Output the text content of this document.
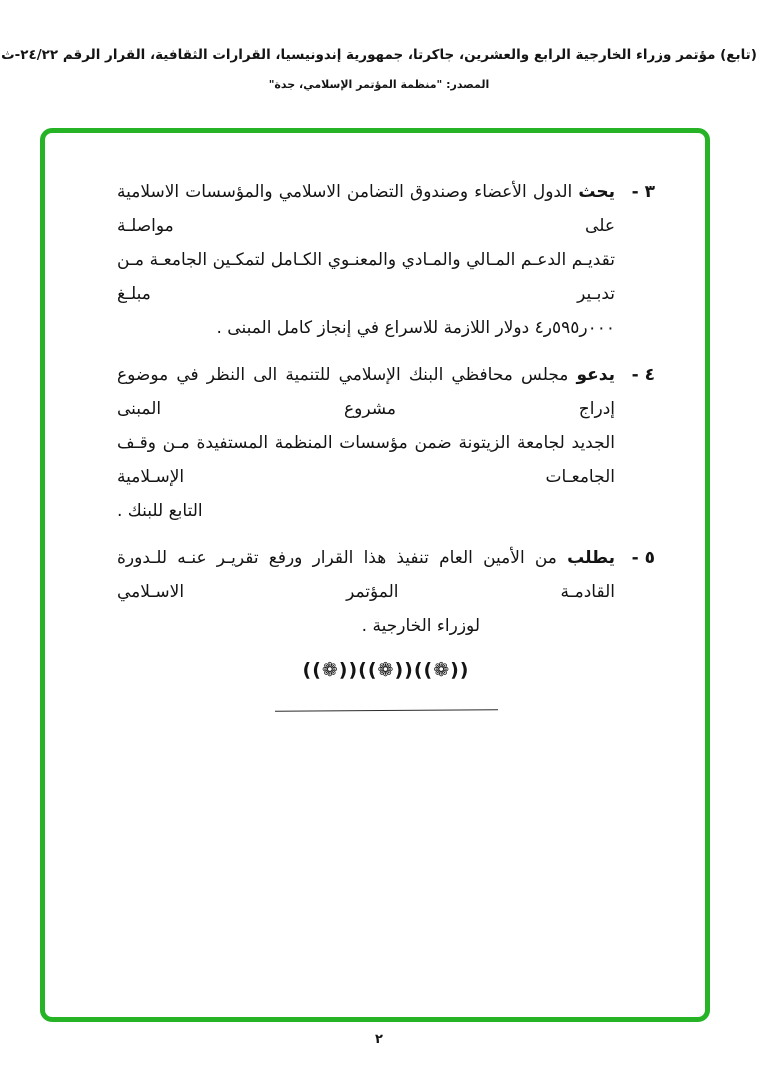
(تابع) مؤتمر وزراء الخارجية الرابع والعشرين، جاكرتا، جمهورية إندونيسيا، القرارات الثقافية، القرار الرقم ٢٤/٢٢-ث
المصدر: "منظمة المؤتمر الإسلامي، جدة"
٣ -
يحث الدول الأعضاء وصندوق التضامن الاسلامي والمؤسسات الاسلامية على مواصلـة
تقديـم الدعـم المـالي والمـادي والمعنـوي الكـامل لتمكـين الجامعـة مـن تدبـير مبلـغ
٠٠٠ر٥٩٥ر٤ دولار اللازمة للاسراع في إنجاز كامل المبنى .
٤ -
يدعو مجلس محافظي البنك الإسلامي للتنمية الى النظر في موضوع إدراج مشروع المبنى
الجديد لجامعة الزيتونة ضمن مؤسسات المنظمة المستفيدة مـن وقـف الجامعـات الإسـلامية
التابع للبنك .
٥ -
يطلب من الأمين العام تنفيذ هذا القرار ورفع تقريـر عنـه للـدورة القادمـة المؤتمر الاسـلامي
لوزراء الخارجية .
((❁))((❁))((❁))
٢
